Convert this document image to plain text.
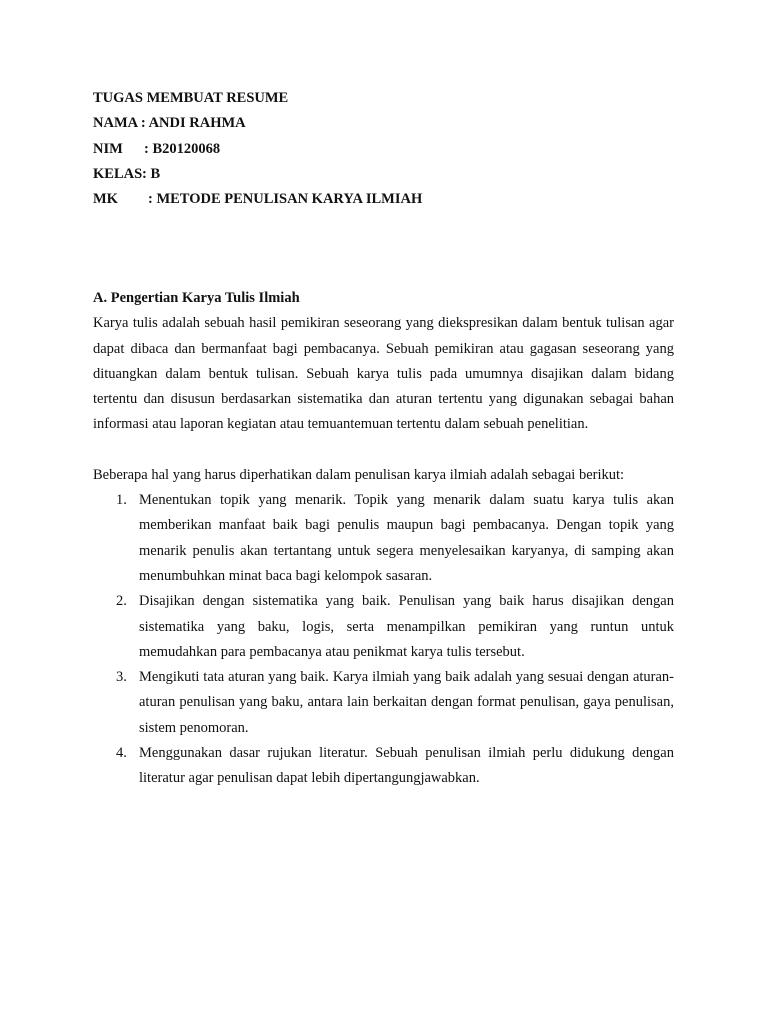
TUGAS MEMBUAT RESUME
NAMA : ANDI RAHMA
NIM	: B20120068
KELAS : B
MK	: METODE PENULISAN KARYA ILMIAH

A. Pengertian Karya Tulis Ilmiah

Karya tulis adalah sebuah hasil pemikiran seseorang yang diekspresikan dalam bentuk tulisan agar dapat dibaca dan bermanfaat bagi pembacanya. Sebuah pemikiran atau gagasan seseorang yang dituangkan dalam bentuk tulisan. Sebuah karya tulis pada umumnya disajikan dalam bidang tertentu dan disusun berdasarkan sistematika dan aturan tertentu yang digunakan sebagai bahan informasi atau laporan kegiatan atau temuantemuan tertentu dalam sebuah penelitian.

Beberapa hal yang harus diperhatikan dalam penulisan karya ilmiah adalah sebagai berikut:

1. Menentukan topik yang menarik. Topik yang menarik dalam suatu karya tulis akan memberikan manfaat baik bagi penulis maupun bagi pembacanya. Dengan topik yang menarik penulis akan tertantang untuk segera menyelesaikan karyanya, di samping akan menumbuhkan minat baca bagi kelompok sasaran.
2. Disajikan dengan sistematika yang baik. Penulisan yang baik harus disajikan dengan sistematika yang baku, logis, serta menampilkan pemikiran yang runtun untuk memudahkan para pembacanya atau penikmat karya tulis tersebut.
3. Mengikuti tata aturan yang baik. Karya ilmiah yang baik adalah yang sesuai dengan aturan-aturan penulisan yang baku, antara lain berkaitan dengan format penulisan, gaya penulisan, sistem penomoran.
4. Menggunakan dasar rujukan literatur. Sebuah penulisan ilmiah perlu didukung dengan literatur agar penulisan dapat lebih dipertangungjawabkan.
